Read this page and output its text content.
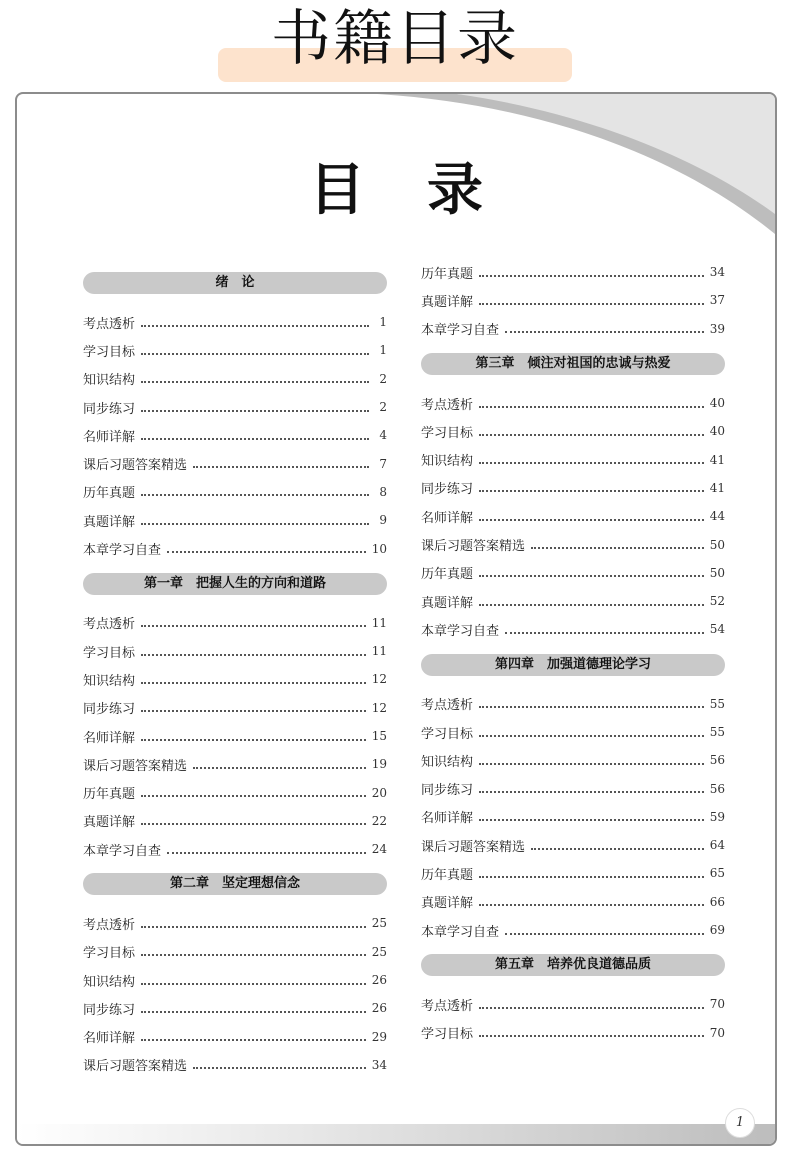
书籍目录
目录
绪　论
考点透析	1
学习目标	1
知识结构	2
同步练习	2
名师详解	4
课后习题答案精选	7
历年真题	8
真题详解	9
本章学习自查	10
第一章　把握人生的方向和道路
考点透析	11
学习目标	11
知识结构	12
同步练习	12
名师详解	15
课后习题答案精选	19
历年真题	20
真题详解	22
本章学习自查	24
第二章　坚定理想信念
考点透析	25
学习目标	25
知识结构	26
同步练习	26
名师详解	29
课后习题答案精选	34
历年真题	34
真题详解	37
本章学习自查	39
第三章　倾注对祖国的忠诚与热爱
考点透析	40
学习目标	40
知识结构	41
同步练习	41
名师详解	44
课后习题答案精选	50
历年真题	50
真题详解	52
本章学习自查	54
第四章　加强道德理论学习
考点透析	55
学习目标	55
知识结构	56
同步练习	56
名师详解	59
课后习题答案精选	64
历年真题	65
真题详解	66
本章学习自查	69
第五章　培养优良道德品质
考点透析	70
学习目标	70
1
